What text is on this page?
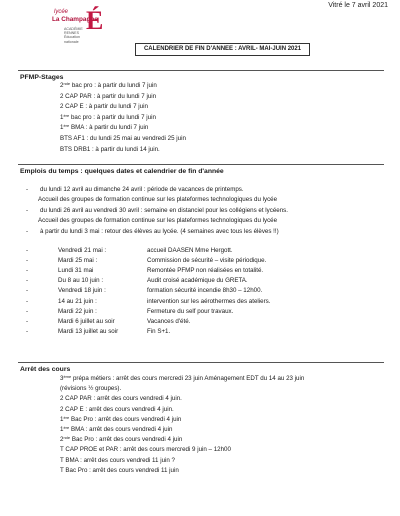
Vitré le 7 avril 2021
lycée
La Champagne
É
ACADÉMIE
RENNES
Éducation
nationale
CALENDRIER DE FIN D'ANNEE : AVRIL- MAI-JUIN 2021
PFMP-Stages
2nde bac pro : à partir du lundi 7 juin
2 CAP PAR : à partir du lundi 7 juin
2 CAP E : à partir du lundi 7 juin
1ère bac pro : à partir du lundi 7 juin
1ère BMA : à partir du lundi 7 juin
BTS AF1 : du lundi 25 mai au vendredi 25 juin
BTS DRB1 : à partir du lundi 14 juin.
Emplois du temps : quelques dates et calendrier de fin d'année
- du lundi 12 avril au dimanche 24 avril : période de vacances de printemps.
Accueil des groupes de formation continue sur les plateformes technologiques du lycée
- du lundi 26 avril au vendredi 30 avril : semaine en distanciel pour les collégiens et lycéens.
Accueil des groupes de formation continue sur les plateformes technologiques du lycée
- à partir du lundi 3 mai : retour des élèves au lycée. (4 semaines avec tous les élèves !!)
-	Vendredi 21 mai :	accueil DAASEN Mme Hergott.
-	Mardi 25 mai :	Commission de sécurité – visite périodique.
-	Lundi 31 mai	Remontée PFMP non réalisées en totalité.
-	Du 8 au 10 juin :	Audit croisé académique du GRETA.
-	Vendredi 18 juin :	formation sécurité incendie 8h30 – 12h00.
-	14 au 21 juin :	intervention sur les aérothermes des ateliers.
-	Mardi 22 juin :	Fermeture du self pour travaux.
-	Mardi 6 juillet au soir	Vacances d'été.
-	Mardi 13 juillet au soir	Fin S+1.
Arrêt des cours
3ème prépa métiers : arrêt des cours mercredi 23 juin Aménagement EDT du 14 au 23 juin
(révisions ½ groupes).
2 CAP PAR : arrêt des cours vendredi 4 juin.
2 CAP E : arrêt des cours vendredi 4 juin.
1ère Bac Pro : arrêt des cours vendredi 4 juin
1ère BMA : arrêt des cours vendredi 4 juin
2nde Bac Pro : arrêt des cours vendredi 4 juin
T CAP PROE et PAR : arrêt des cours mercredi 9 juin – 12h00
T BMA : arrêt des cours vendredi 11 juin ?
T Bac Pro : arrêt des cours vendredi 11 juin
